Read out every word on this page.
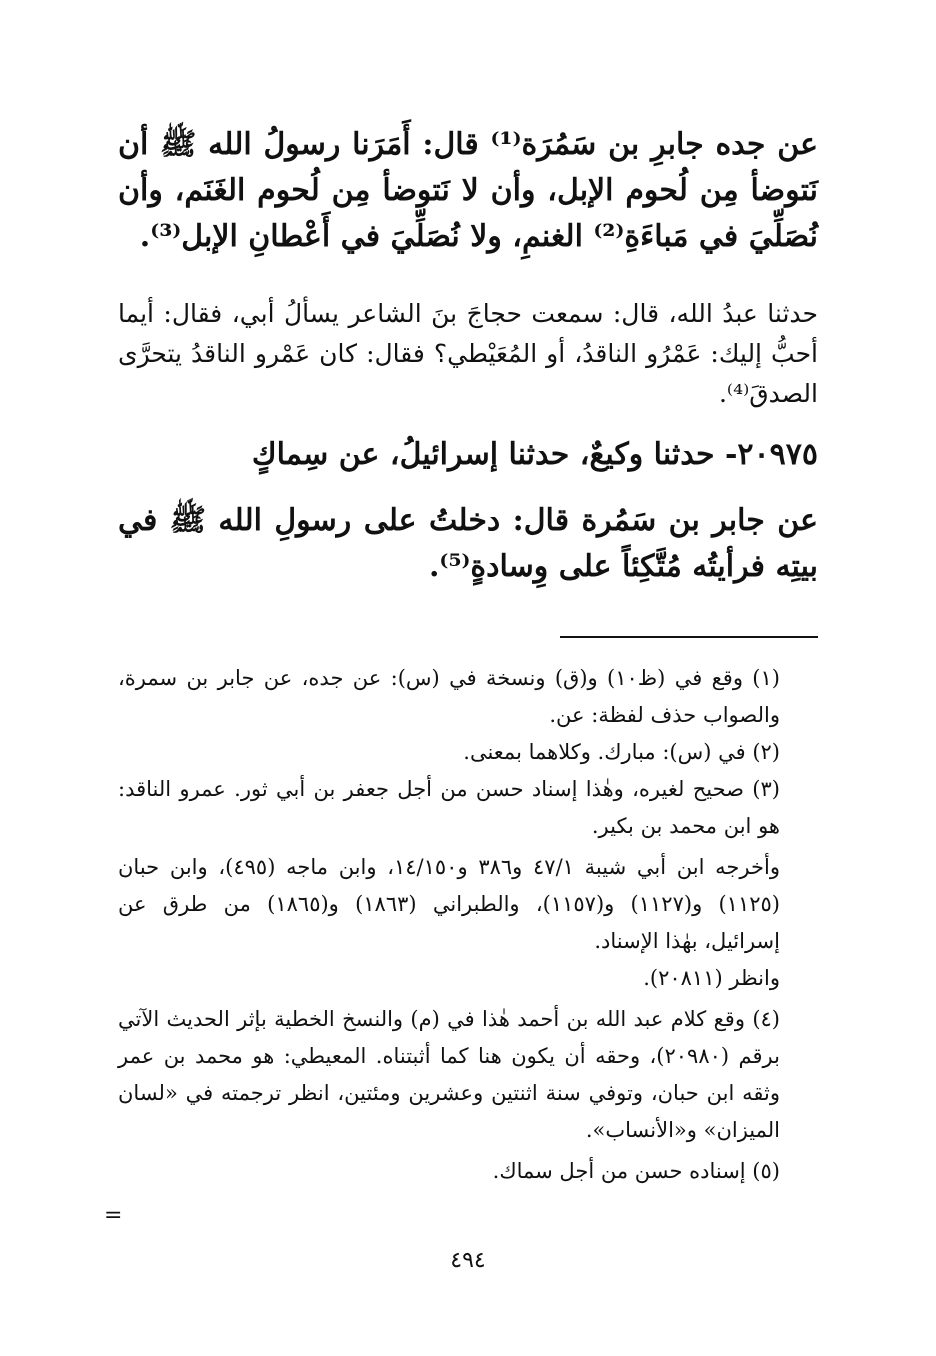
عن جده جابرِ بن سَمُرَة⁽¹⁾ قال: أَمَرَنا رسولُ الله ﷺ أن نَتوضأ مِن لُحوم الإبل، وأن لا نَتوضأ مِن لُحوم الغَنَم، وأن نُصَلِّيَ في مَباءَةِ⁽²⁾ الغنمِ، ولا نُصَلِّيَ في أَعْطانِ الإبل⁽³⁾.

حدثنا عبدُ الله، قال: سمعت حجاجَ بنَ الشاعر يسألُ أبي، فقال: أيما أحبُّ إليك: عَمْرُو الناقدُ، أو المُعَيْطي؟ فقال: كان عَمْرو الناقدُ يتحرَّى الصدقَ⁽⁴⁾.

٢٠٩٧٥- حدثنا وكيعٌ، حدثنا إسرائيلُ، عن سِماكٍ

عن جابر بن سَمُرة قال: دخلتُ على رسولِ الله ﷺ في بيتِه فرأيتُه مُتَّكِئاً على وِسادةٍ⁽⁵⁾.

(١) وقع في (ظ١٠) و(ق) ونسخة في (س): عن جده، عن جابر بن سمرة، والصواب حذف لفظة: عن.

(٢) في (س): مبارك. وكلاهما بمعنى.

(٣) صحيح لغيره، وهٰذا إسناد حسن من أجل جعفر بن أبي ثور. عمرو الناقد: هو ابن محمد بن بكير.

وأخرجه ابن أبي شيبة ٤٧/١ و٣٨٦ و١٤/١٥٠، وابن ماجه (٤٩٥)، وابن حبان (١١٢٥) و(١١٢٧) و(١١٥٧)، والطبراني (١٨٦٣) و(١٨٦٥) من طرق عن إسرائيل، بهٰذا الإسناد.

وانظر (٢٠٨١١).

(٤) وقع كلام عبد الله بن أحمد هٰذا في (م) والنسخ الخطية بإثر الحديث الآتي برقم (٢٠٩٨٠)، وحقه أن يكون هنا كما أثبتناه. المعيطي: هو محمد بن عمر وثقه ابن حبان، وتوفي سنة اثنتين وعشرين ومئتين، انظر ترجمته في «لسان الميزان» و«الأنساب».

(٥) إسناده حسن من أجل سماك.

=
٤٩٤
